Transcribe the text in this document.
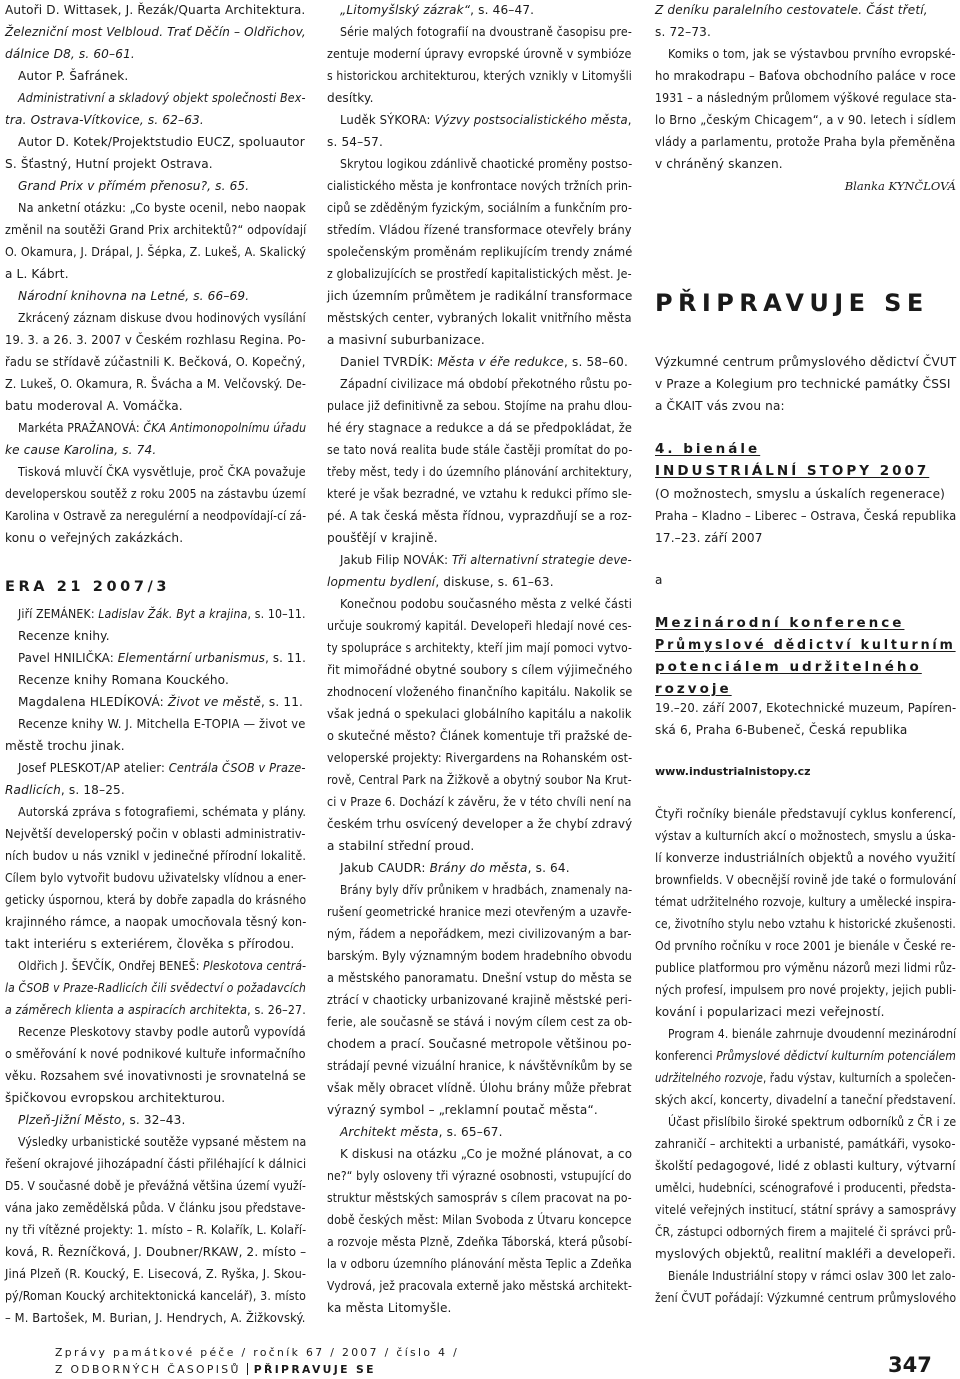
Autoři D. Wittasek, J. Řezák/Quarta Architektura.
Železniční most Velbloud. Trať Děčín – Oldřichov,
dálnice D8, s. 60–61.
Autor P. Šafránek.
Administrativní a skladový objekt společnosti Bex-
tra. Ostrava-Vítkovice, s. 62–63.
Autor D. Kotek/Projektstudio EUCZ, spoluautor
S. Šťastný, Hutní projekt Ostrava.
Grand Prix v přímém přenosu?, s. 65.
Na anketní otázku: „Co byste ocenil, nebo naopak
změnil na soutěži Grand Prix architektů?“ odpovídají
O. Okamura, J. Drápal, J. Šépka, Z. Lukeš, A. Skalický
a L. Kábrt.
Národní knihovna na Letné, s. 66–69.
Zkrácený záznam diskuse dvou hodinových vysílání
19. 3. a 26. 3. 2007 v Českém rozhlasu Regina. Po-
řadu se střídavě zúčastnili K. Bečková, O. Kopečný,
Z. Lukeš, O. Okamura, R. Švácha a M. Velčovský. De-
batu moderoval A. Vomáčka.
Markéta PRAŽANOVÁ: ČKA Antimonopolnímu úřadu
ke cause Karolina, s. 74.
Tisková mluvčí ČKA vysvětluje, proč ČKA považuje
developerskou soutěž z roku 2005 na zástavbu území
Karolina v Ostravě za neregulérní a neodpovídají-cí zá-
konu o veřejných zakázkách.
ERA 21 2007/3
Jiří ZEMÁNEK: Ladislav Žák. Byt a krajina, s. 10–11.
Recenze knihy.
Pavel HNILIČKA: Elementární urbanismus, s. 11.
Recenze knihy Romana Kouckého.
Magdalena HLEDÍKOVÁ: Život ve městě, s. 11.
Recenze knihy W. J. Mitchella E-TOPIA — život ve
městě trochu jinak.
Josef PLESKOT/AP atelier: Centrála ČSOB v Praze-
Radlicích, s. 18–25.
Autorská zpráva s fotografiemi, schémata y plány.
Největší developerský počin v oblasti administrativ-
ních budov u nás vznikl v jedinečné přírodní lokalitě.
Cílem bylo vytvořit budovu uživatelsky vlídnou a ener-
geticky úspornou, která by dobře zapadla do krásného
krajinného rámce, a naopak umocňovala těsný kon-
takt interiéru s exteriérem, člověka s přírodou.
Oldřich J. ŠEVČÍK, Ondřej BENEŠ: Pleskotova centrá-
la ČSOB v Praze-Radlicích čili svědectví o požadavcích
a záměrech klienta a aspiracích architekta, s. 26–27.
Recenze Pleskotovy stavby podle autorů vypovídá
o směřování k nové podnikové kultuře informačního
věku. Rozsahem své inovativnosti je srovnatelná se
špičkovou evropskou architekturou.
Plzeň-Jižní Město, s. 32–43.
Výsledky urbanistické soutěže vypsané městem na
řešení okrajové jihozápadní části přiléhající k dálnici
D5. V současné době je převážná většina území využí-
vána jako zemědělská půda. V článku jsou představe-
ny tři vítězné projekty: 1. místo – R. Kolařík, L. Kolaří-
ková, R. Řezníčková, J. Doubner/RKAW, 2. místo –
Jiná Plzeň (R. Koucký, E. Lisecová, Z. Ryška, J. Skou-
pý/Roman Koucký architektonická kancelář), 3. místo
– M. Bartošek, M. Burian, J. Hendrych, A. Žižkovský.
„Litomyšlský zázrak“, s. 46–47.
Série malých fotografií na dvoustraně časopisu pre-
zentuje moderní úpravy evropské úrovně v symbióze
s historickou architekturou, kterých vznikly v Litomyšli
desítky.
Luděk SÝKORA: Výzvy postsocialistického města,
s. 54–57.
Skrytou logikou zdánlivě chaotické proměny postso-
cialistického města je konfrontace nových tržních prin-
cipů se zděděným fyzickým, sociálním a funkčním pro-
středím. Vládou řízené transformace otevřely brány
společenským proměnám replikujícím trendy známé
z globalizujících se prostředí kapitalistických měst. Je-
jich územním průmětem je radikální transformace
městských center, vybraných lokalit vnitřního města
a masivní suburbanizace.
Daniel TVRDÍK: Města v éře redukce, s. 58–60.
Západní civilizace má období překotného růstu po-
pulace již definitivně za sebou. Stojíme na prahu dlou-
hé éry stagnace a redukce a dá se předpokládat, že
se tato nová realita bude stále častěji promítat do po-
třeby měst, tedy i do územního plánování architektury,
které je však bezradné, ve vztahu k redukci přímo sle-
pé. A tak česká města řídnou, vyprazdňují se a roz-
poušťějí v krajině.
Jakub Filip NOVÁK: Tři alternativní strategie deve-
lopmentu bydlení, diskuse, s. 61–63.
Konečnou podobu současného města z velké části
určuje soukromý kapitál. Developeři hledají nové ces-
ty spolupráce s architekty, kteří jim mají pomoci vytvo-
řit mimořádné obytné soubory s cílem výjimečného
zhodnocení vloženého finančního kapitálu. Nakolik se
však jedná o spekulaci globálního kapitálu a nakolik
o skutečné město? Článek komentuje tři pražské de-
veloperské projekty: Rivergardens na Rohanském ost-
rově, Central Park na Žižkově a obytný soubor Na Krut-
ci v Praze 6. Dochází k závěru, že v této chvíli není na
českém trhu osvícený developer a že chybí zdravý
a stabilní střední proud.
Jakub CAUDR: Brány do města, s. 64.
Brány byly dřív průnikem v hradbách, znamenaly na-
rušení geometrické hranice mezi otevřeným a uzavře-
ným, řádem a nepořádkem, mezi civilizovaným a bar-
barským. Byly významným bodem hradebního obvodu
a městského panoramatu. Dnešní vstup do města se
ztrácí v chaoticky urbanizované krajině městské peri-
ferie, ale současně se stává i novým cílem cest za ob-
chodem a prací. Současné metropole většinou po-
strádají pevné vizuální hranice, k návštěvníkům by se
však měly obracet vlídně. Úlohu brány může přebrat
výrazný symbol – „reklamní poutač města“.
Architekt města, s. 65–67.
K diskusi na otázku „Co je možné plánovat, a co
ne?“ byly osloveny tři výrazné osobnosti, vstupující do
struktur městských samospráv s cílem pracovat na po-
době českých měst: Milan Svoboda z Útvaru koncepce
a rozvoje města Plzně, Zdeňka Táborská, která působí-
la v odboru územního plánování města Teplic a Zdeňka
Vydrová, jež pracovala externě jako městská architekt-
ka města Litomyšle.
Z deníku paralelního cestovatele. Část třetí,
s. 72–73.
Komiks o tom, jak se výstavbou prvního evropské-
ho mrakodrapu – Baťova obchodního paláce v roce
1931 – a následným průlomem výškové regulace sta-
lo Brno „českým Chicagem“, a v 90. letech i sídlem
vlády a parlamentu, protože Praha byla přeměněna
v chráněný skanzen.
Blanka KYNČLOVÁ
PŘIPRAVUJE SE
Výzkumné centrum průmyslového dědictví ČVUT
v Praze a Kolegium pro technické památky ČSSI
a ČKAIT vás zvou na:
4. bienále
INDUSTRIÁLNÍ STOPY 2007
(O možnostech, smyslu a úskalích regenerace)
Praha – Kladno – Liberec – Ostrava, Česká republika
17.–23. září 2007
a
Mezinárodní konference
Průmyslové dědictví kulturním
potenciálem udržitelného
rozvoje
19.–20. září 2007, Ekotechnické muzeum, Papíren-
ská 6, Praha 6-Bubeneč, Česká republika
www.industrialnistopy.cz
Čtyři ročníky bienále představují cyklus konferencí,
výstav a kulturních akcí o možnostech, smyslu a úska-
lí konverze industriálních objektů a nového využití
brownfields. V obecnější rovině jde také o formulování
témat udržitelného rozvoje, kultury a umělecké inspira-
ce, životního stylu nebo vztahu k historické zkušenosti.
Od prvního ročníku v roce 2001 je bienále v České re-
publice platformou pro výměnu názorů mezi lidmi růz-
ných profesí, impulsem pro nové projekty, jejich publi-
kování i popularizaci mezi veřejností.
Program 4. bienále zahrnuje dvoudenní mezinárodní
konferenci Průmyslové dědictví kulturním potenciálem
udržitelného rozvoje, řadu výstav, kulturních a společen-
ských akcí, koncerty, divadelní a taneční představení.
Účast přislíbilo široké spektrum odborníků z ČR i ze
zahraničí – architekti a urbanisté, památkáři, vysoko-
školští pedagogové, lidé z oblasti kultury, výtvarní
umělci, hudebníci, scénografové i producenti, předsta-
vitelé veřejných institucí, státní správy a samosprávy
ČR, zástupci odborných firem a majitelé či správci prů-
myslových objektů, realitní makléři a developeři.
Bienále Industriální stopy v rámci oslav 300 let zalo-
žení ČVUT pořádají: Výzkumné centrum průmyslového
Zprávy památkové péče / ročník 67 / 2007 / číslo 4 /
Z ODBORNÝCH ČASOPISŮ PŘIPRAVUJE SE	347
